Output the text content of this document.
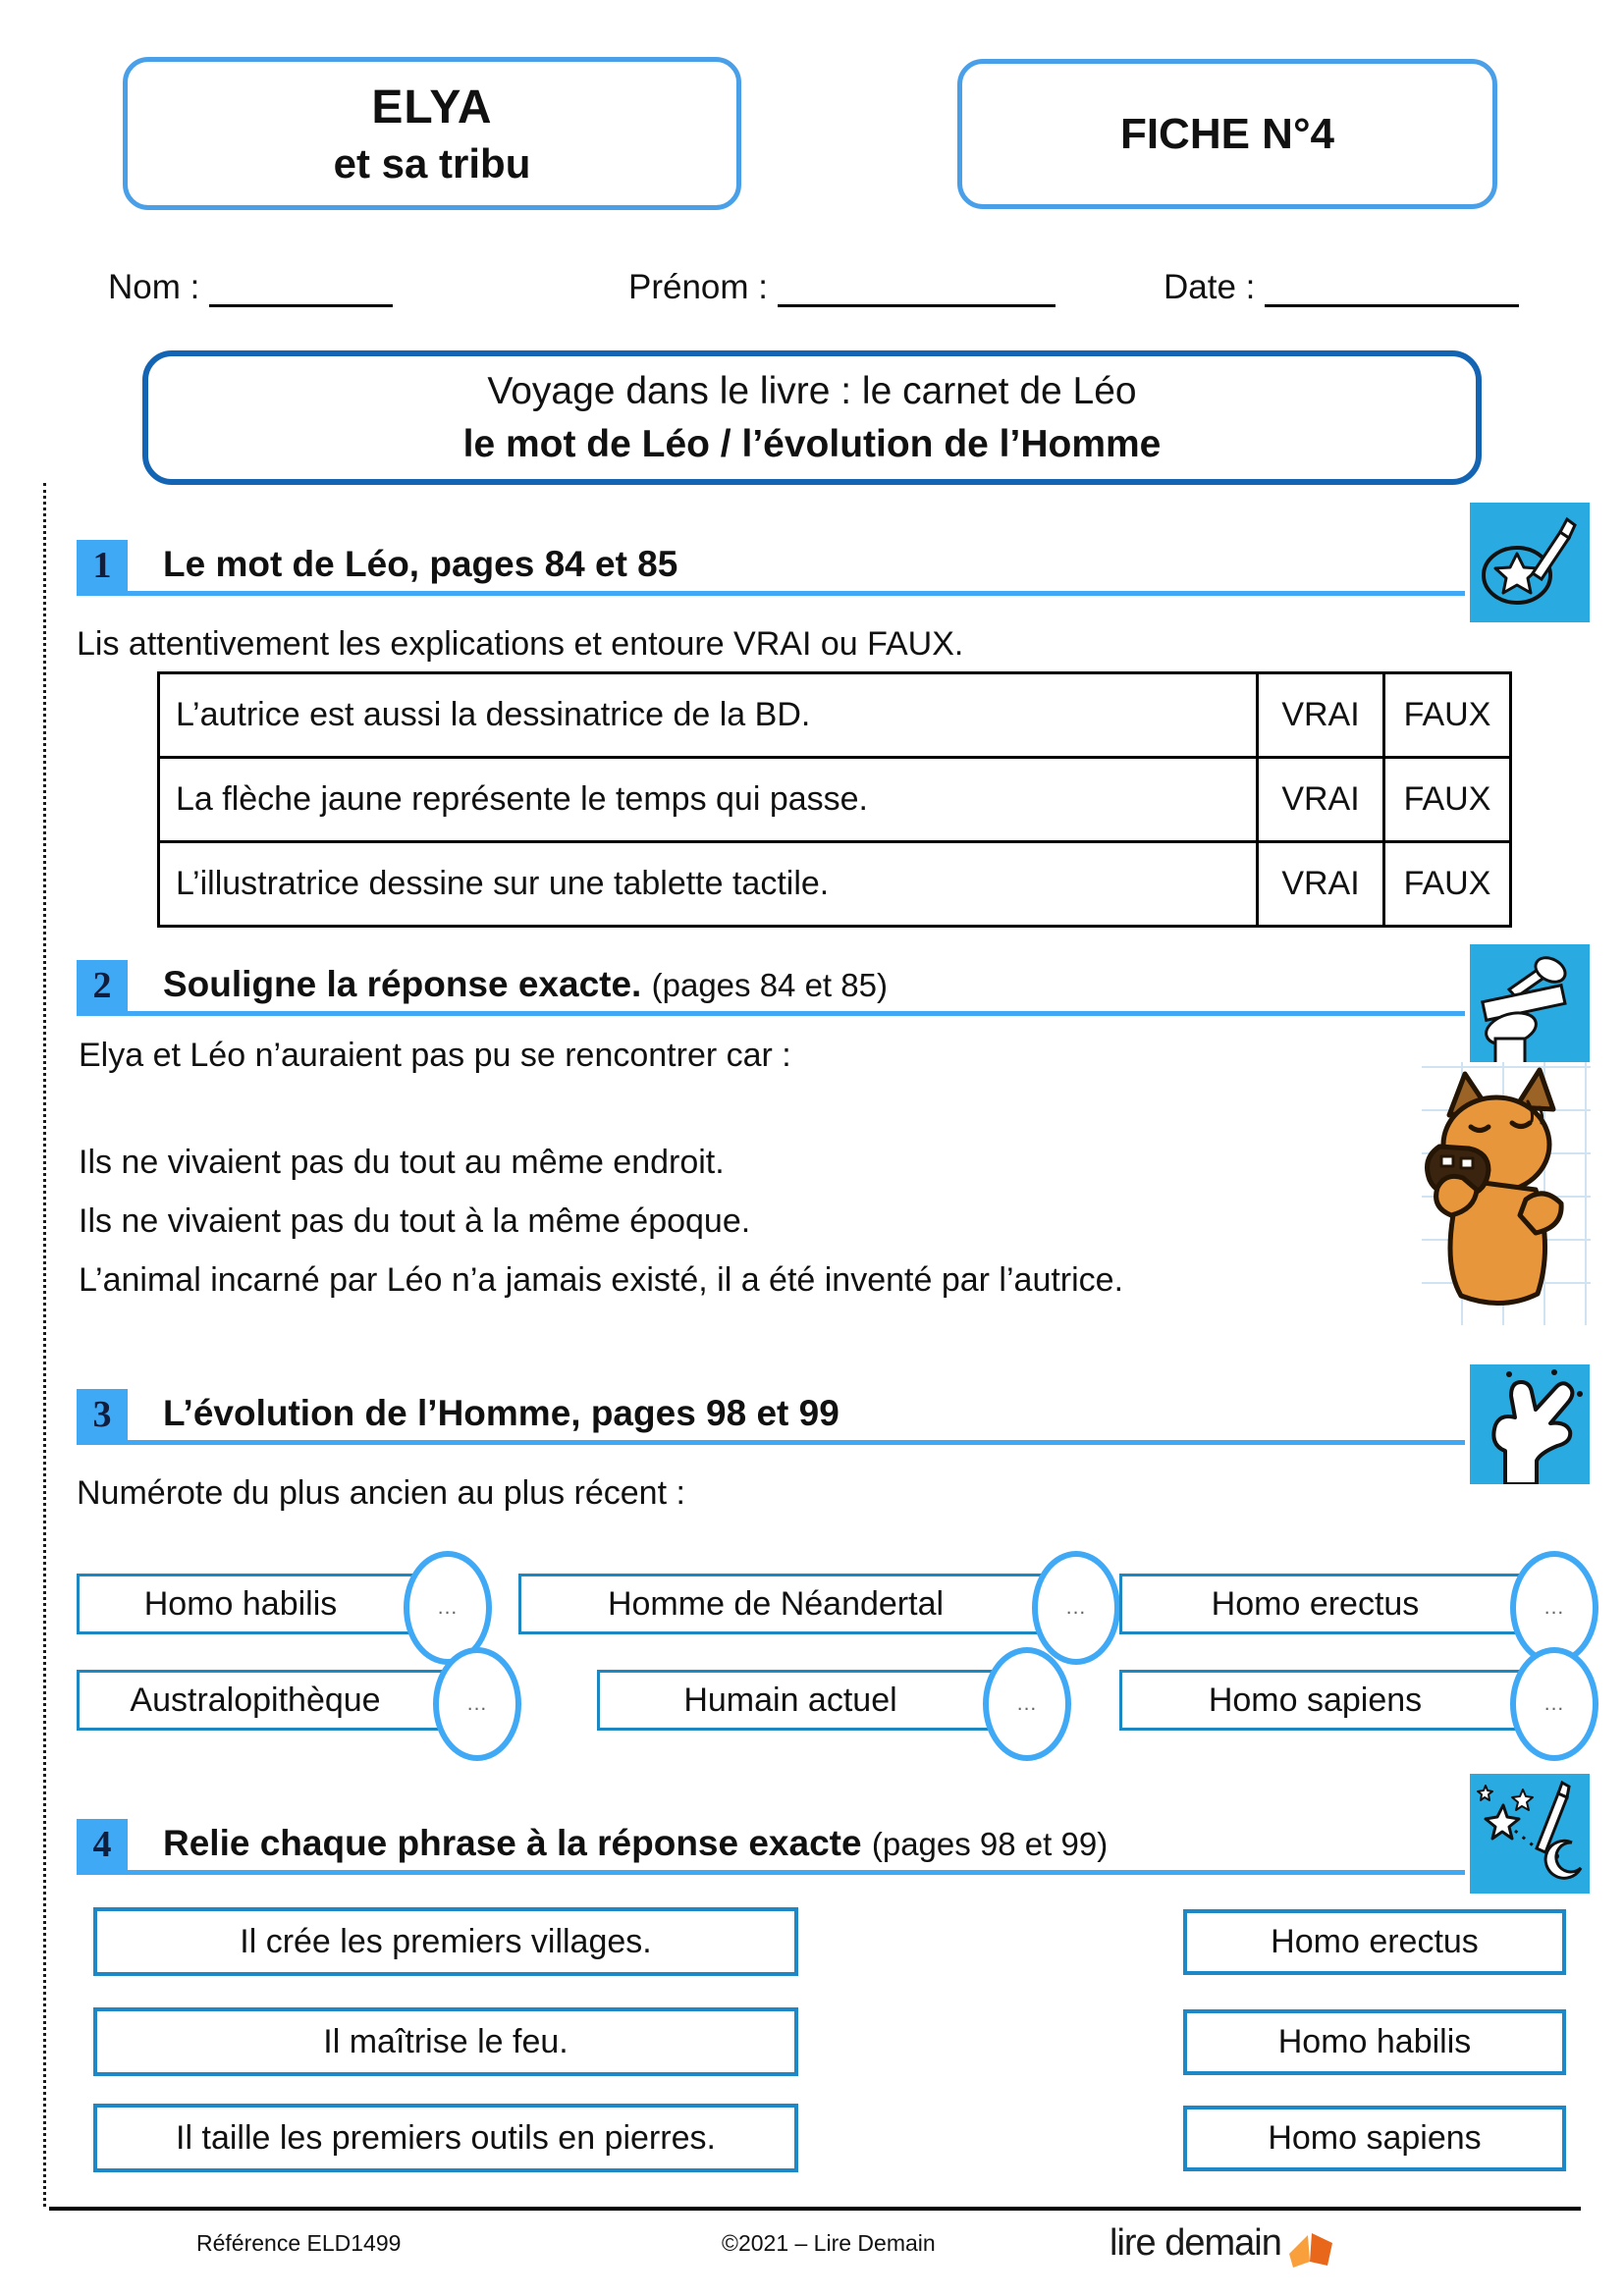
ELYA
et sa tribu
FICHE N°4
Nom :	Prénom :	Date :
Voyage dans le livre : le carnet de Léo
le mot de Léo / l’évolution de l’Homme
1	Le mot de Léo, pages 84 et 85
Lis attentivement les explications et entoure VRAI ou FAUX.
L’autrice est aussi la dessinatrice de la BD.	VRAI	FAUX
La flèche jaune représente le temps qui passe.	VRAI	FAUX
L’illustratrice dessine sur une tablette tactile.	VRAI	FAUX
2	Souligne la réponse exacte. (pages 84 et 85)
Elya et Léo n’auraient pas pu se rencontrer car :
Ils ne vivaient pas du tout au même endroit.
Ils ne vivaient pas du tout à la même époque.
L’animal incarné par Léo n’a jamais existé, il a été inventé par l’autrice.
3	L’évolution de l’Homme, pages 98 et 99
Numérote du plus ancien au plus récent :
Homo habilis	...	Homme de Néandertal	...	Homo erectus	...
Australopithèque	...	Humain actuel	...	Homo sapiens	...
4	Relie chaque phrase à la réponse exacte (pages 98 et 99)
Il crée les premiers villages.
Il maîtrise le feu.
Il taille les premiers outils en pierres.
Homo erectus
Homo habilis
Homo sapiens
Référence ELD1499	©2021 – Lire Demain	lire demain
